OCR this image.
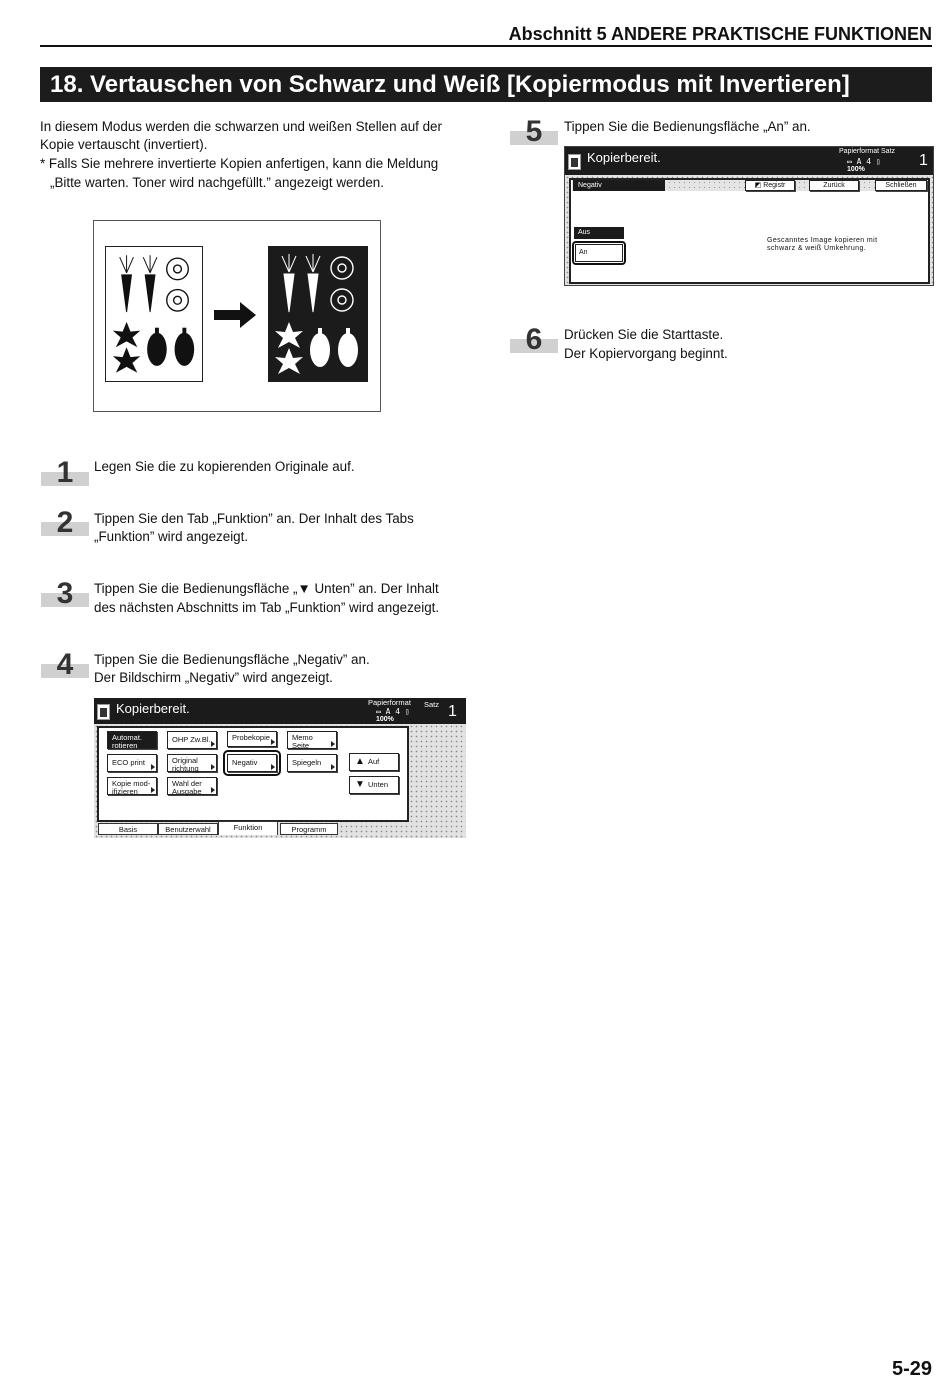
Abschnitt 5 ANDERE PRAKTISCHE FUNKTIONEN
18. Vertauschen von Schwarz und Weiß [Kopiermodus mit Invertieren]
In diesem Modus werden die schwarzen und weißen Stellen auf der
Kopie vertauscht (invertiert).
* Falls Sie mehrere invertierte Kopien anfertigen, kann die Meldung
„Bitte warten. Toner wird nachgefüllt.” angezeigt werden.
1	Legen Sie die zu kopierenden Originale auf.
2	Tippen Sie den Tab „Funktion” an. Der Inhalt des Tabs
„Funktion” wird angezeigt.
3	Tippen Sie die Bedienungsfläche „▼ Unten” an. Der Inhalt
des nächsten Abschnitts im Tab „Funktion” wird angezeigt.
4	Tippen Sie die Bedienungsfläche „Negativ” an.
Der Bildschirm „Negativ” wird angezeigt.
Kopierbereit.	Papierformat Satz
▭ A 4 ▯
100%	1
Automat.
rotieren
OHP Zw.Bl.	Probekopie	Memo
Seite
ECO print	Original
richtung
Negativ	Spiegeln	▲ Auf
Kopie mod-
ifizieren
Wahl der
Ausgabe
▼ Unten
Basis	Benutzerwahl	Funktion	Programm
5	Tippen Sie die Bedienungsfläche „An” an.
Kopierbereit.	Papierformat Satz
▭ A 4 ▯
100%
1
Negativ	◩ Registr	Zurück	Schließen
Aus
An
Gescanntes Image kopieren mit
schwarz & weiß Umkehrung.
6	Drücken Sie die Starttaste.
Der Kopiervorgang beginnt.
5-29
